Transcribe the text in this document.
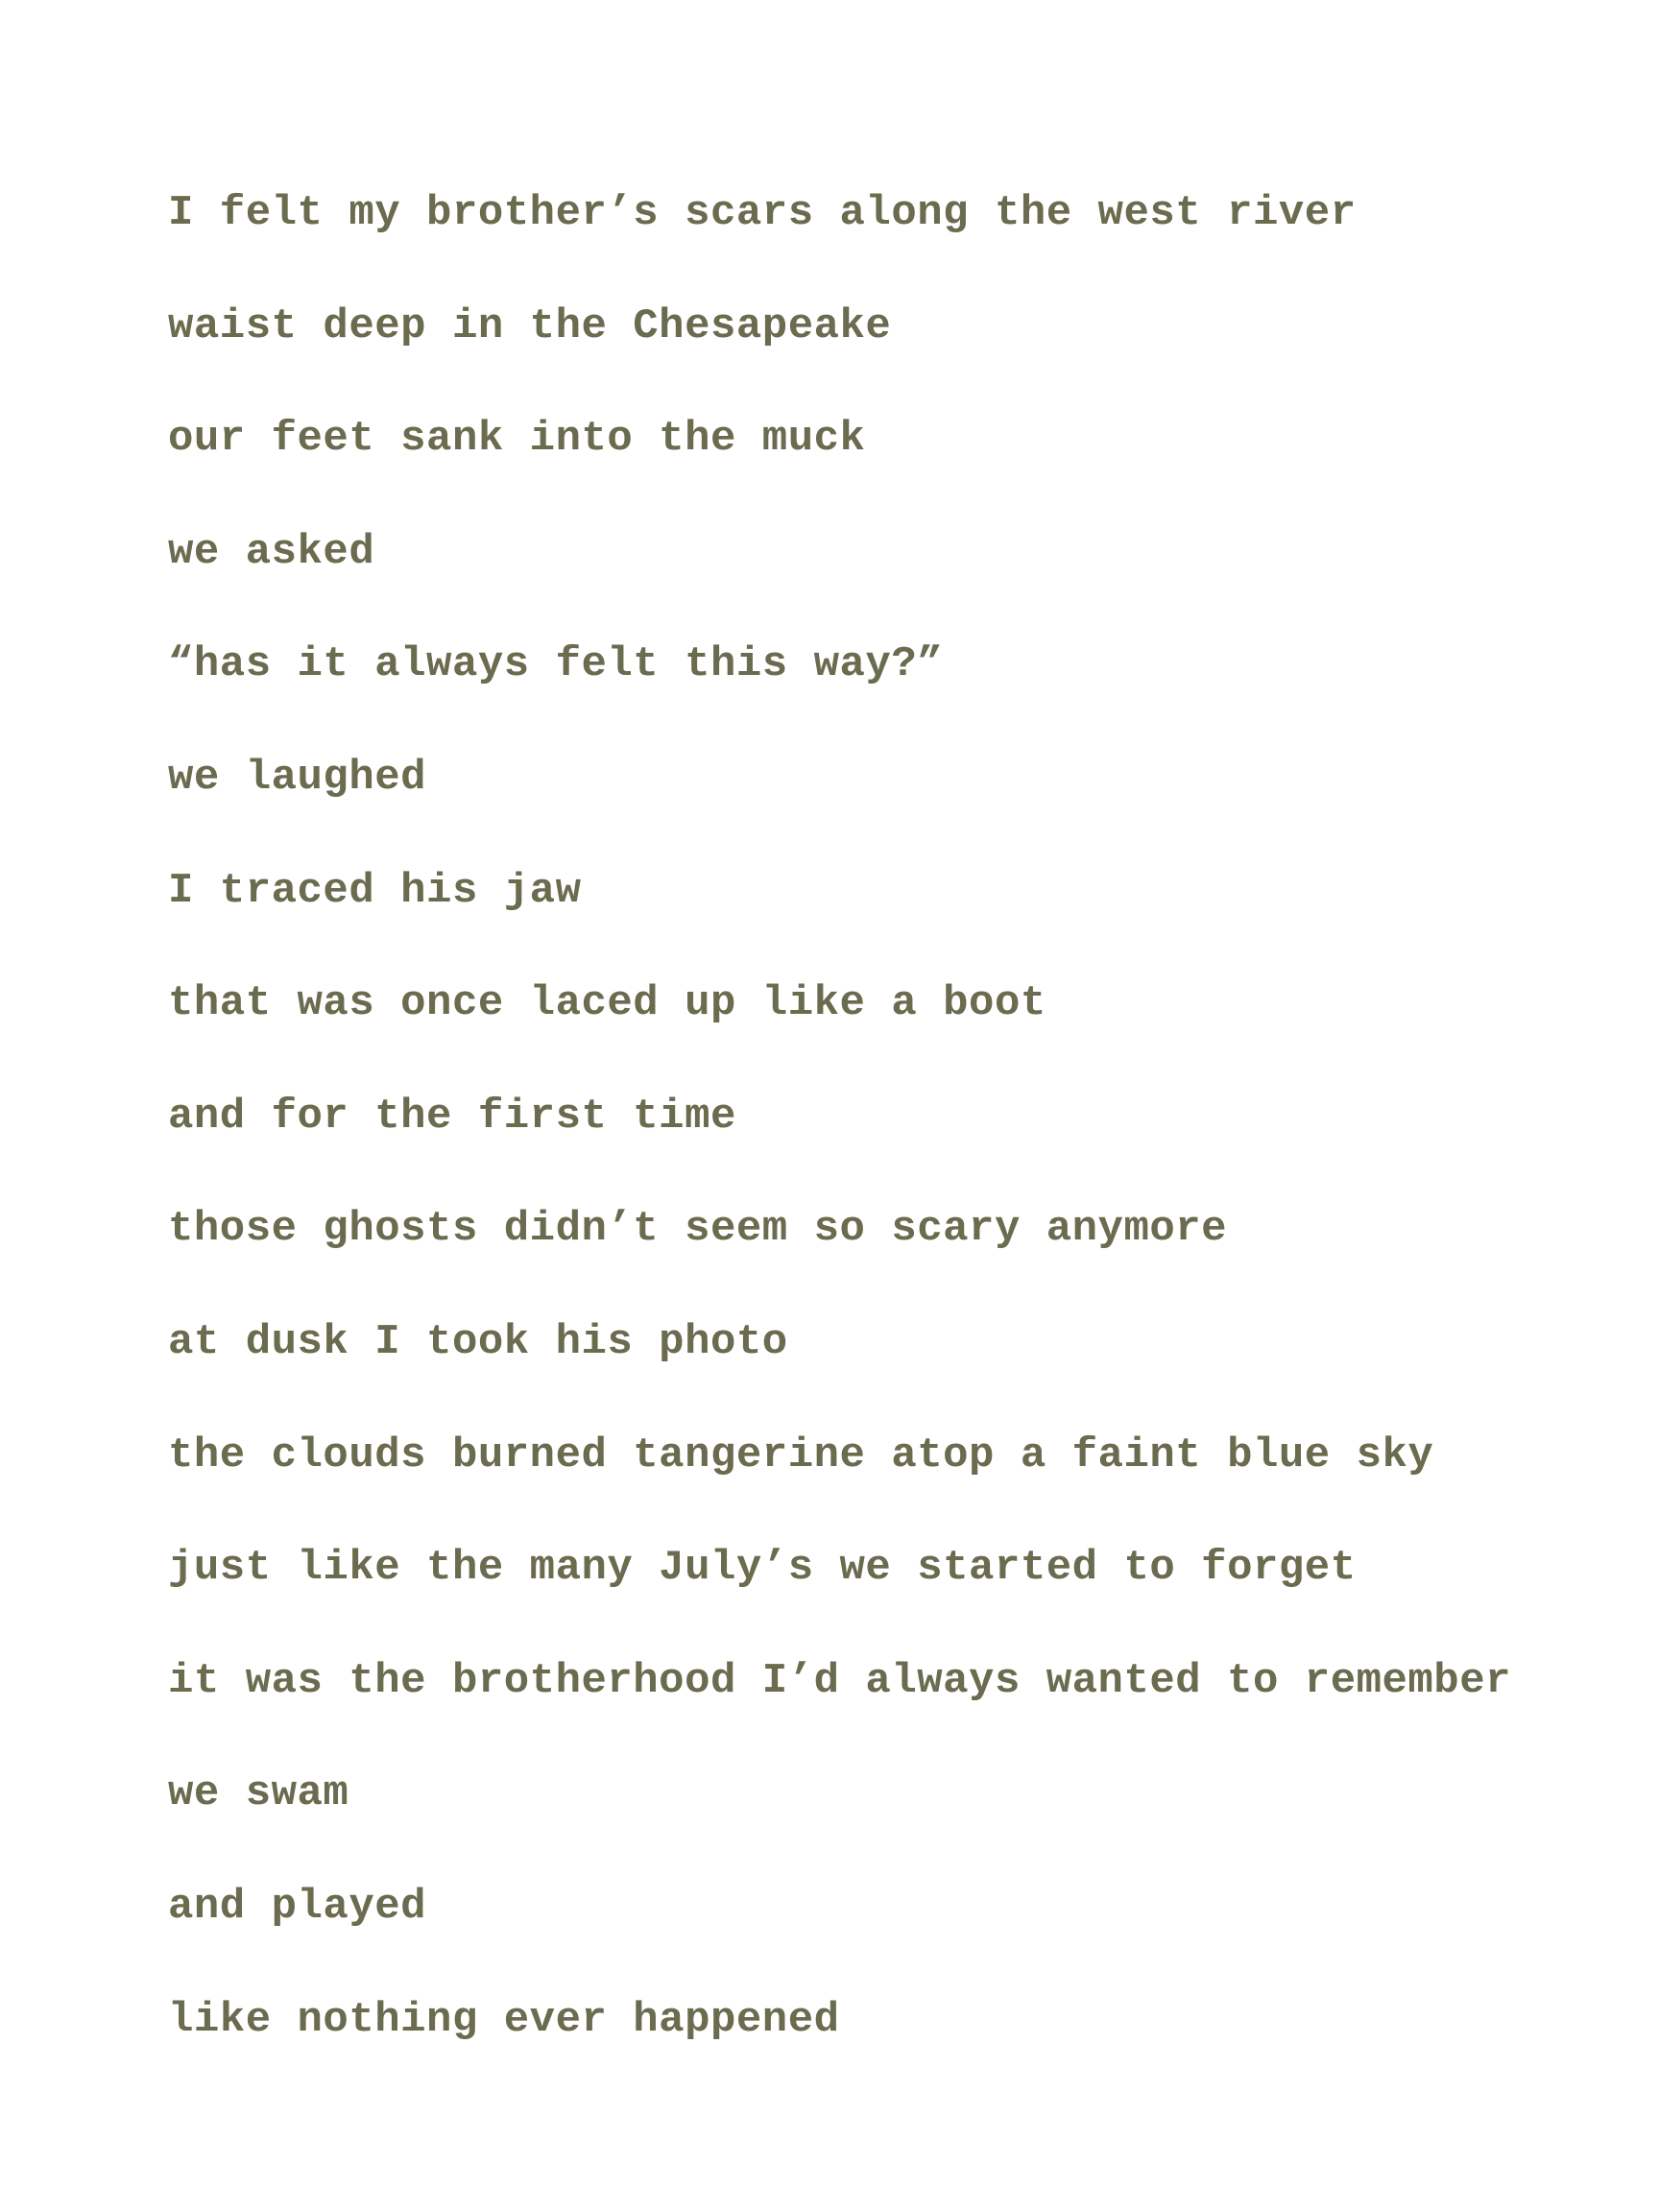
I felt my brother’s scars along the west river
waist deep in the Chesapeake
our feet sank into the muck
we asked
“has it always felt this way?”
we laughed
I traced his jaw
that was once laced up like a boot
and for the first time
those ghosts didn’t seem so scary anymore
at dusk I took his photo
the clouds burned tangerine atop a faint blue sky
just like the many July’s we started to forget
it was the brotherhood I’d always wanted to remember
we swam
and played
like nothing ever happened
